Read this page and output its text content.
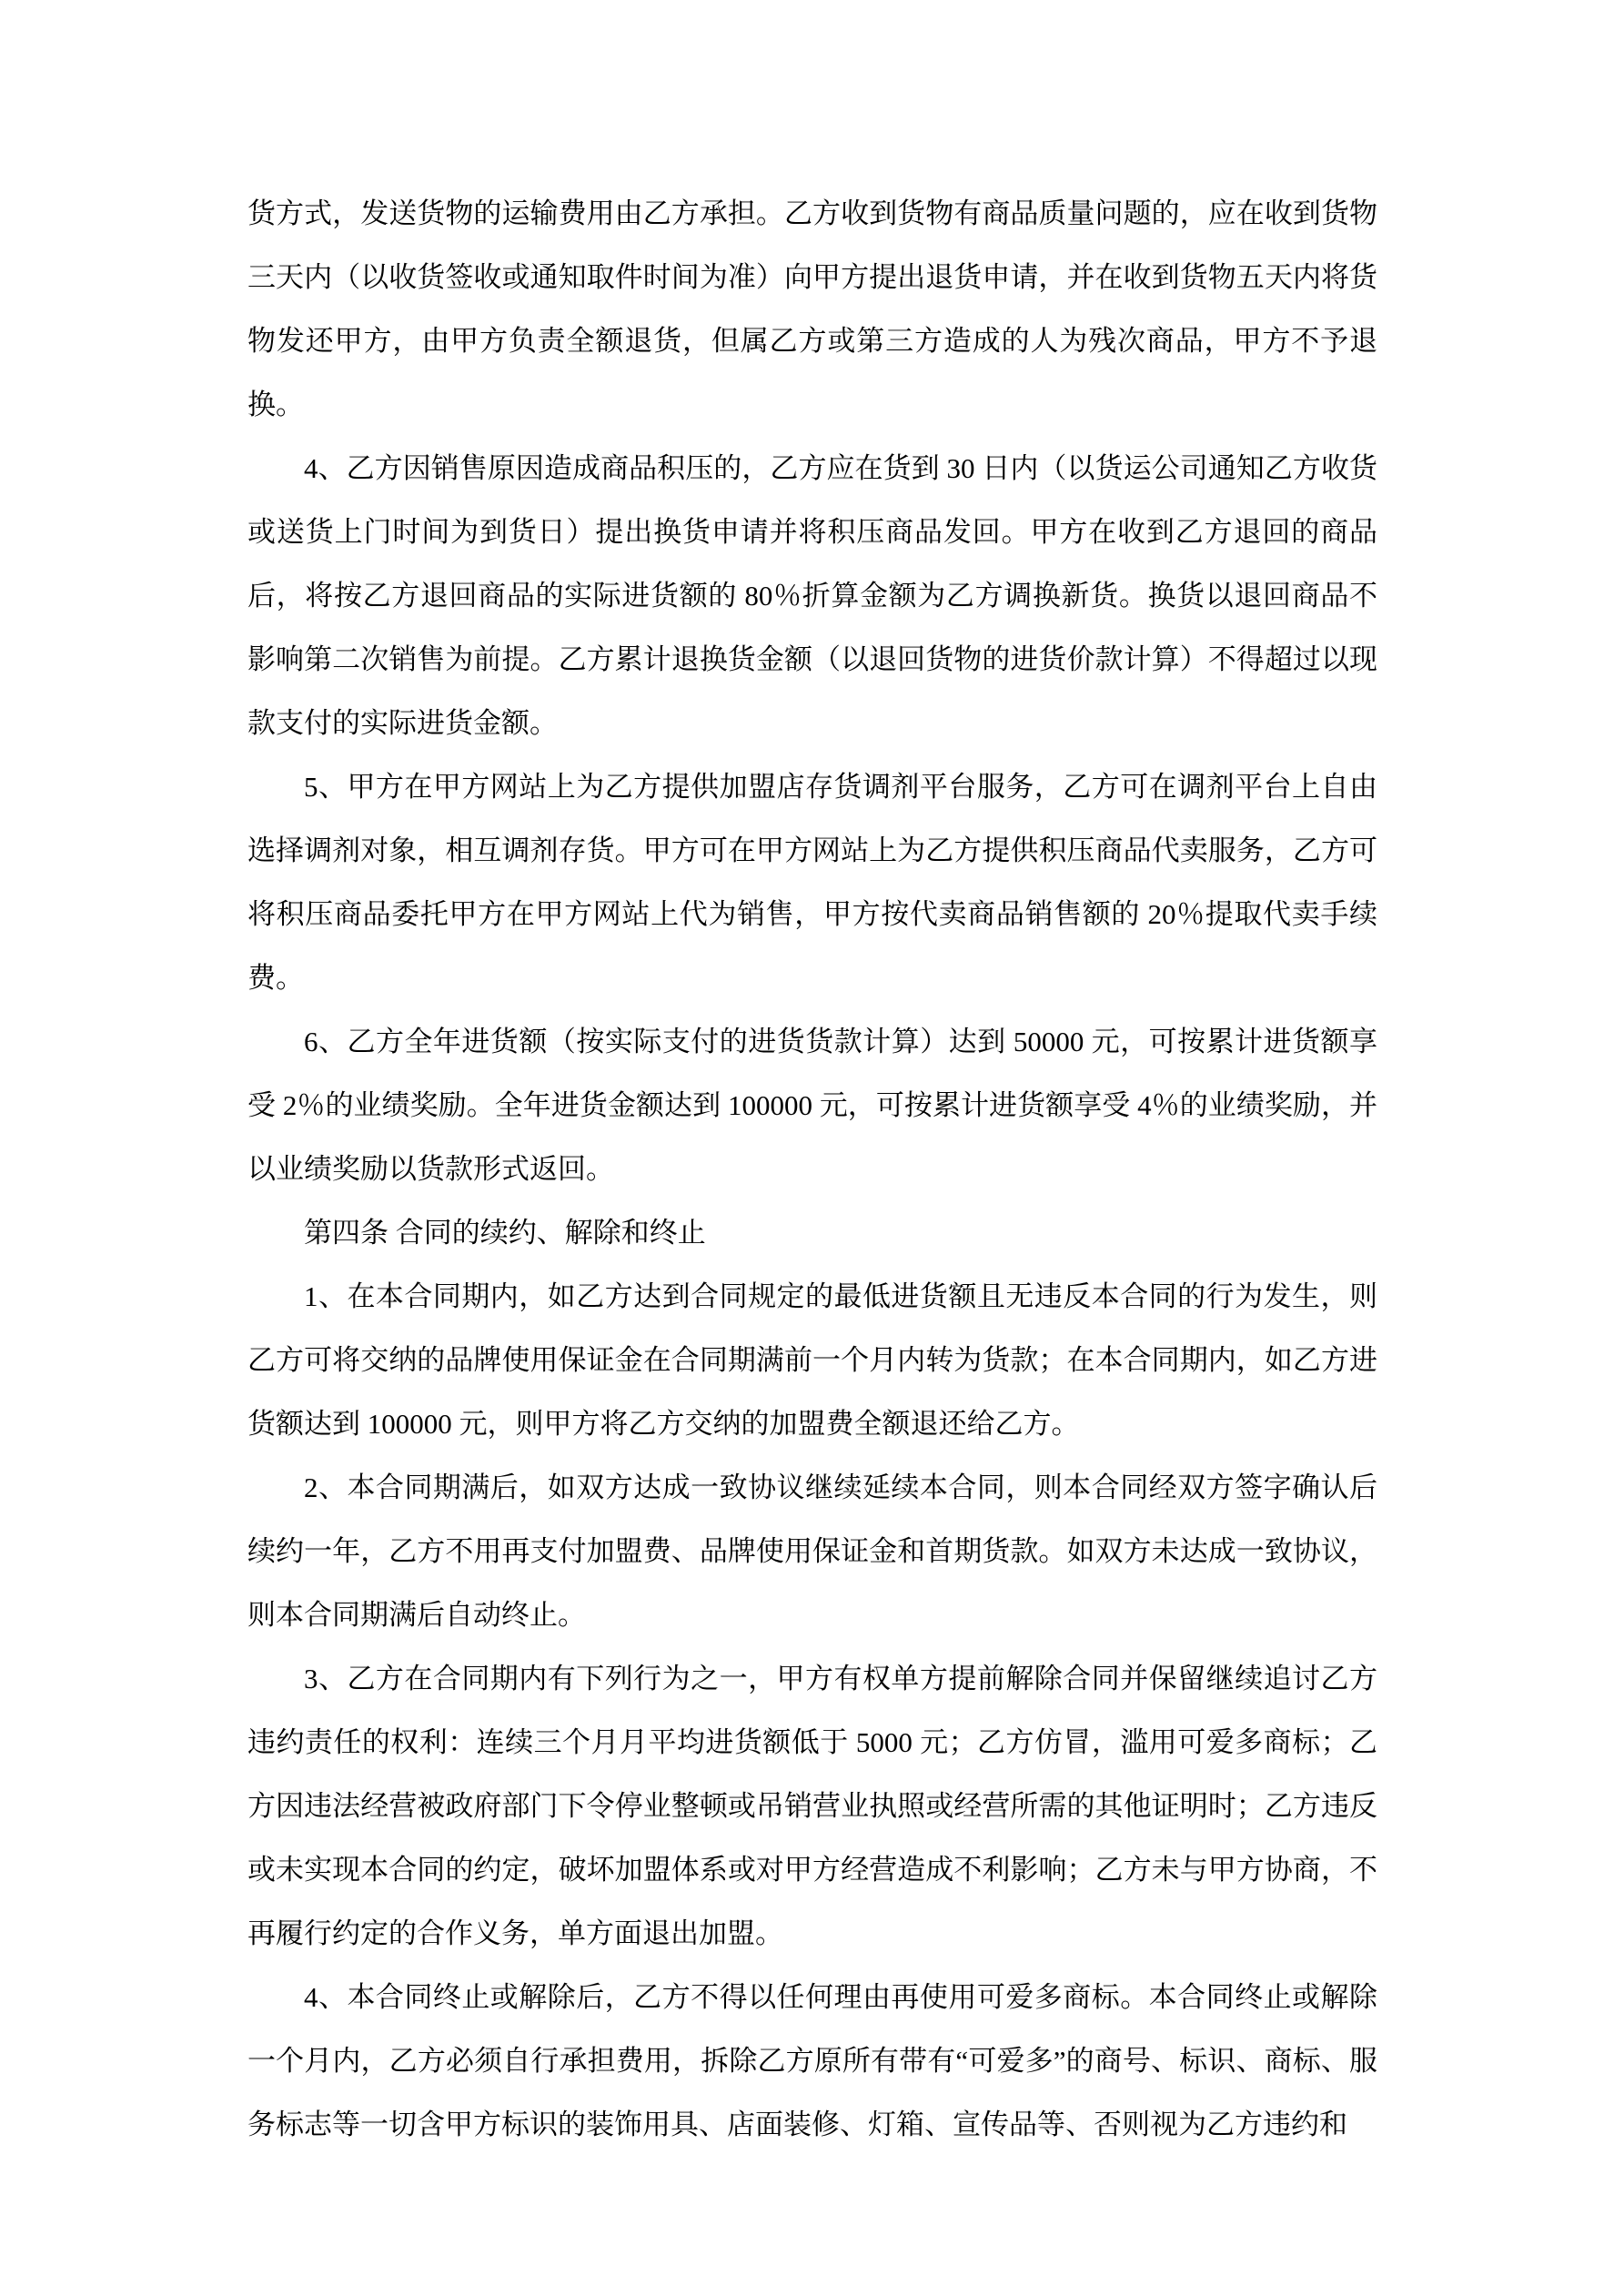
货方式，发送货物的运输费用由乙方承担。乙方收到货物有商品质量问题的，应在收到货物三天内（以收货签收或通知取件时间为准）向甲方提出退货申请，并在收到货物五天内将货物发还甲方，由甲方负责全额退货，但属乙方或第三方造成的人为残次商品，甲方不予退换。

4、乙方因销售原因造成商品积压的，乙方应在货到 30 日内（以货运公司通知乙方收货或送货上门时间为到货日）提出换货申请并将积压商品发回。甲方在收到乙方退回的商品后，将按乙方退回商品的实际进货额的 80％折算金额为乙方调换新货。换货以退回商品不影响第二次销售为前提。乙方累计退换货金额（以退回货物的进货价款计算）不得超过以现款支付的实际进货金额。

5、甲方在甲方网站上为乙方提供加盟店存货调剂平台服务，乙方可在调剂平台上自由选择调剂对象，相互调剂存货。甲方可在甲方网站上为乙方提供积压商品代卖服务，乙方可将积压商品委托甲方在甲方网站上代为销售，甲方按代卖商品销售额的 20％提取代卖手续费。

6、乙方全年进货额（按实际支付的进货货款计算）达到 50000 元，可按累计进货额享受 2％的业绩奖励。全年进货金额达到 100000 元，可按累计进货额享受 4％的业绩奖励，并以业绩奖励以货款形式返回。

第四条 合同的续约、解除和终止

1、在本合同期内，如乙方达到合同规定的最低进货额且无违反本合同的行为发生，则乙方可将交纳的品牌使用保证金在合同期满前一个月内转为货款；在本合同期内，如乙方进货额达到 100000 元，则甲方将乙方交纳的加盟费全额退还给乙方。

2、本合同期满后，如双方达成一致协议继续延续本合同，则本合同经双方签字确认后续约一年，乙方不用再支付加盟费、品牌使用保证金和首期货款。如双方未达成一致协议，则本合同期满后自动终止。

3、乙方在合同期内有下列行为之一，甲方有权单方提前解除合同并保留继续追讨乙方违约责任的权利：连续三个月月平均进货额低于 5000 元；乙方仿冒，滥用可爱多商标；乙方因违法经营被政府部门下令停业整顿或吊销营业执照或经营所需的其他证明时；乙方违反或未实现本合同的约定，破坏加盟体系或对甲方经营造成不利影响；乙方未与甲方协商，不再履行约定的合作义务，单方面退出加盟。

4、本合同终止或解除后，乙方不得以任何理由再使用可爱多商标。本合同终止或解除一个月内，乙方必须自行承担费用，拆除乙方原所有带有“可爱多”的商号、标识、商标、服务标志等一切含甲方标识的装饰用具、店面装修、灯箱、宣传品等、否则视为乙方违约和
